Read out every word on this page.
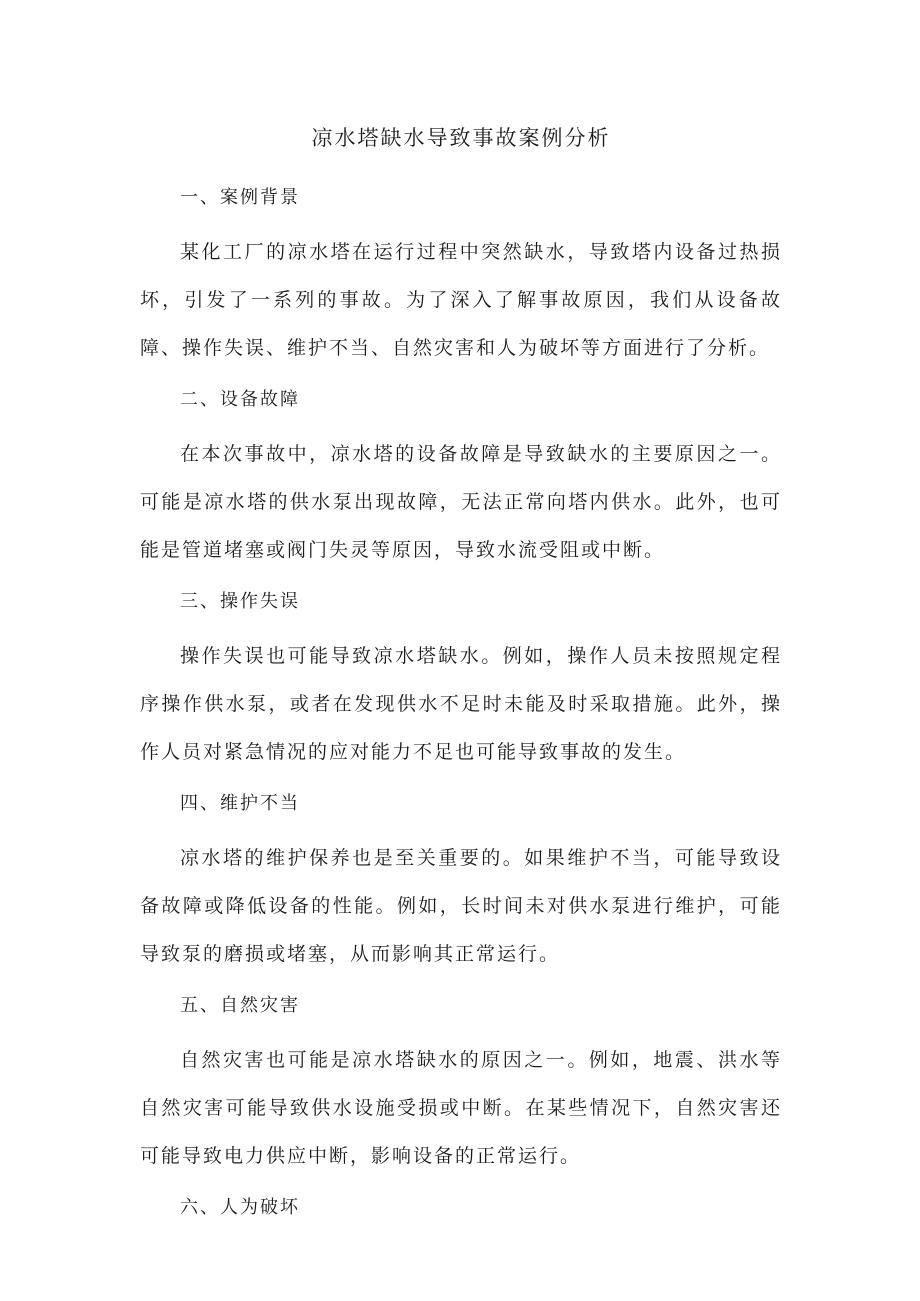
凉水塔缺水导致事故案例分析
一、案例背景

某化工厂的凉水塔在运行过程中突然缺水，导致塔内设备过热损坏，引发了一系列的事故。为了深入了解事故原因，我们从设备故障、操作失误、维护不当、自然灾害和人为破坏等方面进行了分析。

二、设备故障

在本次事故中，凉水塔的设备故障是导致缺水的主要原因之一。可能是凉水塔的供水泵出现故障，无法正常向塔内供水。此外，也可能是管道堵塞或阀门失灵等原因，导致水流受阻或中断。

三、操作失误

操作失误也可能导致凉水塔缺水。例如，操作人员未按照规定程序操作供水泵，或者在发现供水不足时未能及时采取措施。此外，操作人员对紧急情况的应对能力不足也可能导致事故的发生。

四、维护不当

凉水塔的维护保养也是至关重要的。如果维护不当，可能导致设备故障或降低设备的性能。例如，长时间未对供水泵进行维护，可能导致泵的磨损或堵塞，从而影响其正常运行。

五、自然灾害

自然灾害也可能是凉水塔缺水的原因之一。例如，地震、洪水等自然灾害可能导致供水设施受损或中断。在某些情况下，自然灾害还可能导致电力供应中断，影响设备的正常运行。

六、人为破坏
